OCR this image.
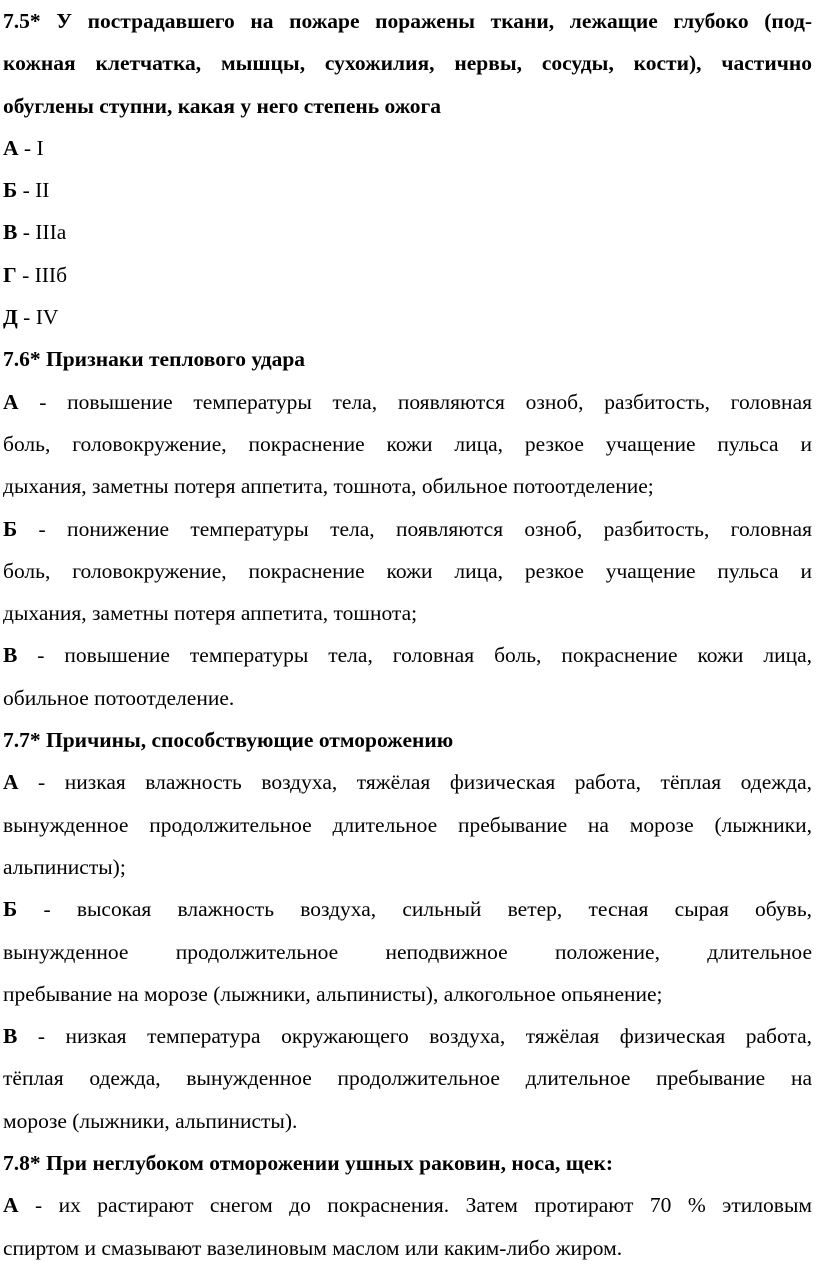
7.5* У пострадавшего на пожаре поражены ткани, лежащие глубоко (под-
кожная клетчатка, мышцы, сухожилия, нервы, сосуды, кости), частично
обуглены ступни, какая у него степень ожога
А - I
Б - II
В - IIIа
Г - IIIб
Д - IV
7.6* Признаки теплового удара
А - повышение температуры тела, появляются озноб, разбитость, головная
боль, головокружение, покраснение кожи лица, резкое учащение пульса и
дыхания, заметны потеря аппетита, тошнота, обильное потоотделение;
Б - понижение температуры тела, появляются озноб, разбитость, головная
боль, головокружение, покраснение кожи лица, резкое учащение пульса и
дыхания, заметны потеря аппетита, тошнота;
В - повышение температуры тела, головная боль, покраснение кожи лица,
обильное потоотделение.
7.7* Причины, способствующие отморожению
А - низкая влажность воздуха, тяжёлая физическая работа, тёплая одежда,
вынужденное продолжительное длительное пребывание на морозе (лыжники,
альпинисты);
Б - высокая влажность воздуха, сильный ветер, тесная сырая обувь,
вынужденное продолжительное неподвижное положение, длительное
пребывание на морозе (лыжники, альпинисты), алкогольное опьянение;
В - низкая температура окружающего воздуха, тяжёлая физическая работа,
тёплая одежда, вынужденное продолжительное длительное пребывание на
морозе (лыжники, альпинисты).
7.8* При неглубоком отморожении ушных раковин, носа, щек:
А - их растирают снегом до покраснения. Затем протирают 70 % этиловым
спиртом и смазывают вазелиновым маслом или каким-либо жиром.
